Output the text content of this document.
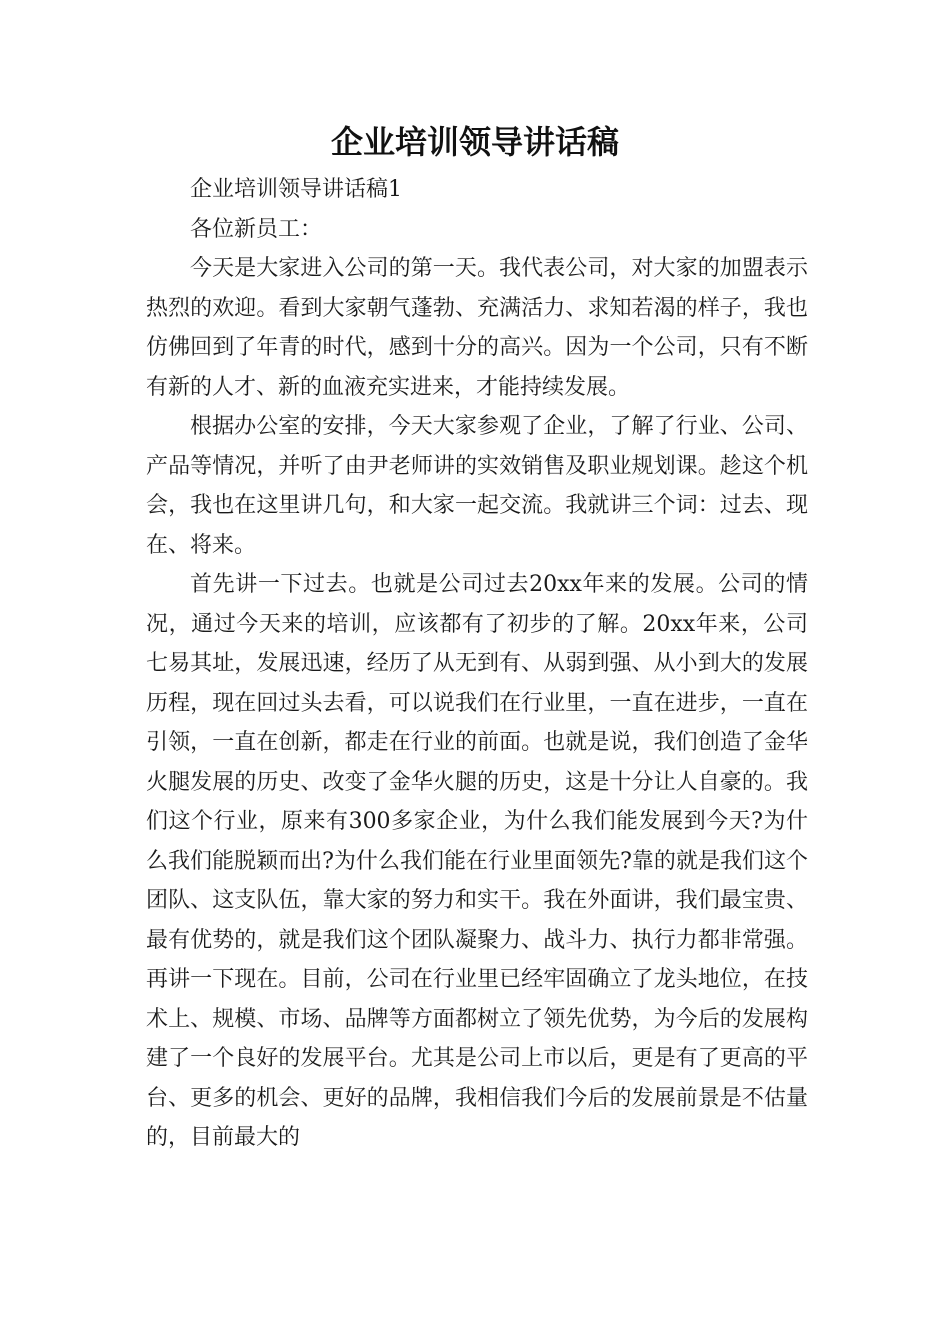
企业培训领导讲话稿

企业培训领导讲话稿1

各位新员工：

今天是大家进入公司的第一天。我代表公司，对大家的加盟表示热烈的欢迎。看到大家朝气蓬勃、充满活力、求知若渴的样子，我也仿佛回到了年青的时代，感到十分的高兴。因为一个公司，只有不断有新的人才、新的血液充实进来，才能持续发展。

根据办公室的安排，今天大家参观了企业，了解了行业、公司、产品等情况，并听了由尹老师讲的实效销售及职业规划课。趁这个机会，我也在这里讲几句，和大家一起交流。我就讲三个词：过去、现在、将来。

首先讲一下过去。也就是公司过去20xx年来的发展。公司的情况，通过今天来的培训，应该都有了初步的了解。20xx年来，公司七易其址，发展迅速，经历了从无到有、从弱到强、从小到大的发展历程，现在回过头去看，可以说我们在行业里，一直在进步，一直在引领，一直在创新，都走在行业的前面。也就是说，我们创造了金华火腿发展的历史、改变了金华火腿的历史，这是十分让人自豪的。我们这个行业，原来有300多家企业，为什么我们能发展到今天?为什么我们能脱颖而出?为什么我们能在行业里面领先?靠的就是我们这个团队、这支队伍，靠大家的努力和实干。我在外面讲，我们最宝贵、最有优势的，就是我们这个团队凝聚力、战斗力、执行力都非常强。 再讲一下现在。目前，公司在行业里已经牢固确立了龙头地位，在技术上、规模、市场、品牌等方面都树立了领先优势，为今后的发展构建了一个良好的发展平台。尤其是公司上市以后，更是有了更高的平台、更多的机会、更好的品牌，我相信我们今后的发展前景是不估量的，目前最大的
